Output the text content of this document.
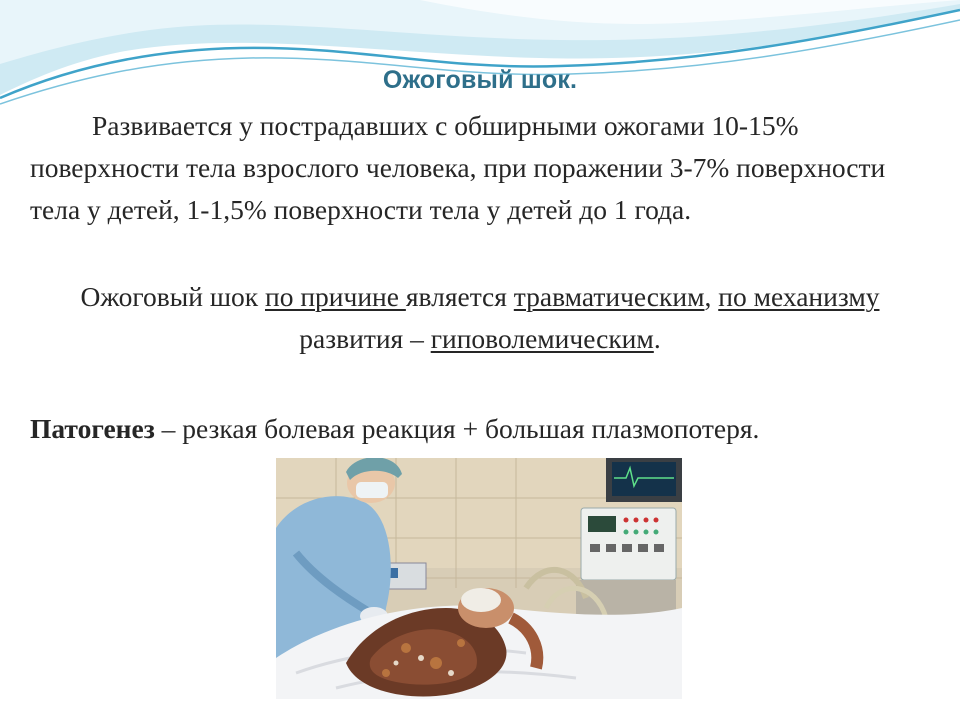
Ожоговый шок.
Развивается у пострадавших с обширными ожогами 10-15% поверхности тела взрослого человека, при поражении 3-7% поверхности тела у детей, 1-1,5% поверхности тела у детей до 1 года.
Ожоговый шок по причине является травматическим, по механизму развития – гиповолемическим.
Патогенез – резкая болевая реакция + большая плазмопотеря.
